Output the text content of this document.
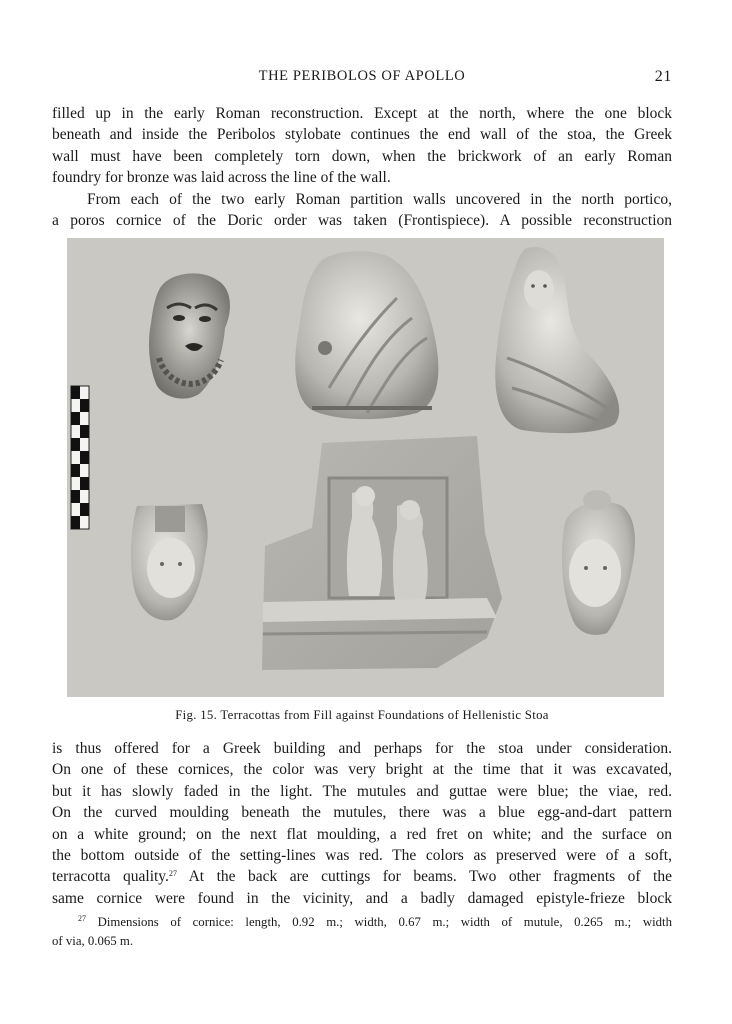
THE PERIBOLOS OF APOLLO	21

filled up in the early Roman reconstruction. Except at the north, where the one block
beneath and inside the Peribolos stylobate continues the end wall of the stoa, the Greek
wall must have been completely torn down, when the brickwork of an early Roman
foundry for bronze was laid across the line of the wall.
From each of the two early Roman partition walls uncovered in the north portico,
a poros cornice of the Doric order was taken (Frontispiece). A possible reconstruction

Fig. 15. Terracottas from Fill against Foundations of Hellenistic Stoa

is thus offered for a Greek building and perhaps for the stoa under consideration.
On one of these cornices, the color was very bright at the time that it was excavated,
but it has slowly faded in the light. The mutules and guttae were blue; the viae, red.
On the curved moulding beneath the mutules, there was a blue egg-and-dart pattern
on a white ground; on the next flat moulding, a red fret on white; and the surface on
the bottom outside of the setting-lines was red. The colors as preserved were of a soft,
terracotta quality.$^{27}$ At the back are cuttings for beams. Two other fragments of the
same cornice were found in the vicinity, and a badly damaged epistyle-frieze block

$^{27}$ Dimensions of cornice: length, 0.92 m.; width, 0.67 m.; width of mutule, 0.265 m.; width
of via, 0.065 m.
